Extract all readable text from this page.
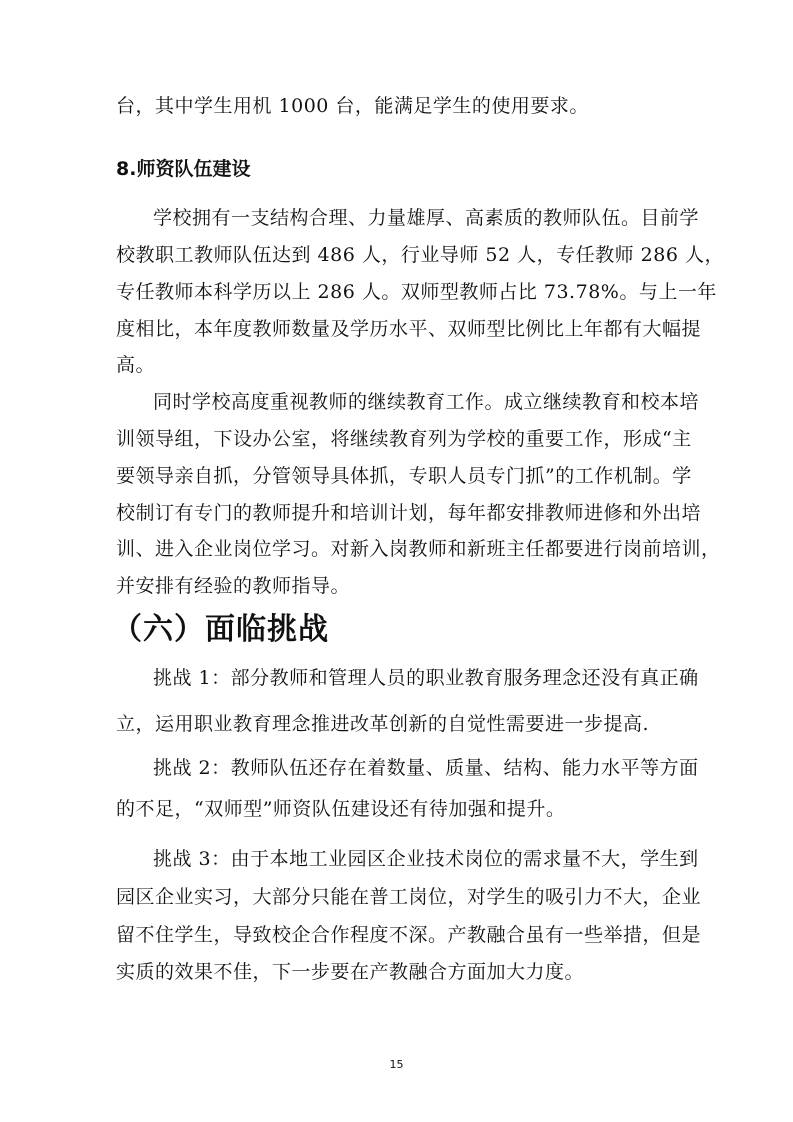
台，其中学生用机 1000 台，能满足学生的使用要求。
8.师资队伍建设
学校拥有一支结构合理、力量雄厚、高素质的教师队伍。目前学
校教职工教师队伍达到 486 人，行业导师 52 人，专任教师 286 人，
专任教师本科学历以上 286 人。双师型教师占比 73.78%。与上一年
度相比，本年度教师数量及学历水平、双师型比例比上年都有大幅提
高。
同时学校高度重视教师的继续教育工作。成立继续教育和校本培
训领导组，下设办公室，将继续教育列为学校的重要工作，形成“主
要领导亲自抓，分管领导具体抓，专职人员专门抓”的工作机制。学
校制订有专门的教师提升和培训计划，每年都安排教师进修和外出培
训、进入企业岗位学习。对新入岗教师和新班主任都要进行岗前培训，
并安排有经验的教师指导。
（六）面临挑战
挑战 1：部分教师和管理人员的职业教育服务理念还没有真正确
立，运用职业教育理念推进改革创新的自觉性需要进一步提高.
挑战 2：教师队伍还存在着数量、质量、结构、能力水平等方面
的不足，“双师型”师资队伍建设还有待加强和提升。
挑战 3：由于本地工业园区企业技术岗位的需求量不大，学生到
园区企业实习，大部分只能在普工岗位，对学生的吸引力不大，企业
留不住学生，导致校企合作程度不深。产教融合虽有一些举措，但是
实质的效果不佳，下一步要在产教融合方面加大力度。
15
